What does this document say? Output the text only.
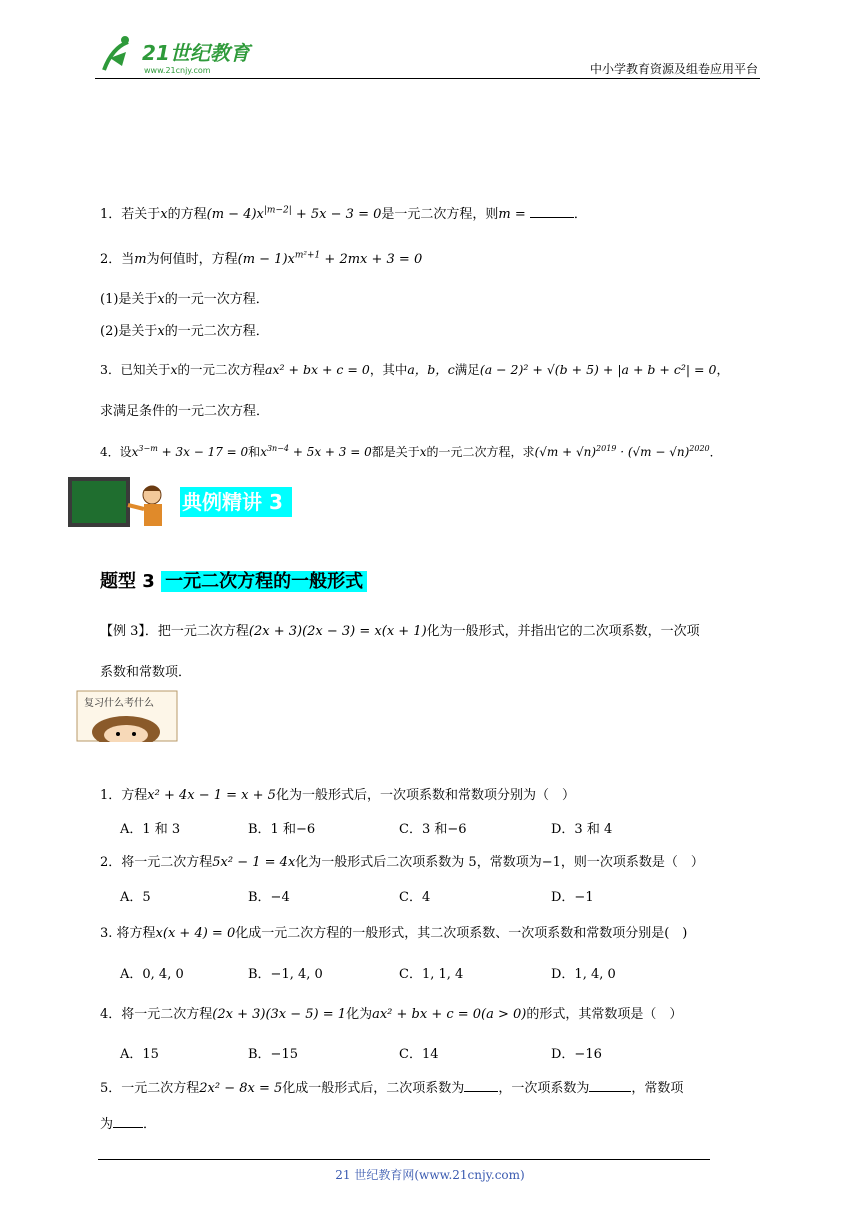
21世纪教育
www.21cnjy.com	中小学教育资源及组卷应用平台
1．若关于x的方程$(m - 4)x^{|m-2|} + 5x - 3 = 0$是一元二次方程，则m =	．
2．当m为何值时，方程$(m - 1)x^{m^2+1} + 2mx + 3 = 0$
(1)是关于x的一元一次方程．
(2)是关于x的一元二次方程．
3．已知关于x的一元二次方程ax² + bx + c = 0，其中a，b，c满足(a − 2)² + √(b + 5) + |a + b + c²| = 0，
求满足条件的一元二次方程．
4．设$x^{3-m} + 3x - 17 = 0$和$x^{3n-4} + 5x + 3 = 0$都是关于x的一元二次方程，求$(√m + √n)^{2019} \cdot (√m - √n)^{2020}$．
典例精讲 3
题型 3 一元二次方程的一般形式
【例 3】．把一元二次方程(2x + 3)(2x − 3) = x(x + 1)化为一般形式，并指出它的二次项系数，一次项
系数和常数项．
复习什么考什么
1．方程x² + 4x − 1 = x + 5化为一般形式后，一次项系数和常数项分别为（　）
A．1 和 3	B．1 和−6	C．3 和−6	D．3 和 4
2．将一元二次方程5x² − 1 = 4x化为一般形式后二次项系数为 5，常数项为−1，则一次项系数是（　）
A．5	B．−4	C．4	D．−1
3. 将方程x(x + 4) = 0化成一元二次方程的一般形式，其二次项系数、一次项系数和常数项分别是(　)
A．0, 4, 0	B．−1, 4, 0	C．1, 1, 4	D．1, 4, 0
4．将一元二次方程(2x + 3)(3x − 5) = 1化为ax² + bx + c = 0(a > 0)的形式，其常数项是（　）
A．15	B．−15	C．14	D．−16
5．一元二次方程2x² − 8x = 5化成一般形式后，二次项系数为	，一次项系数为	，常数项
为 ．
21 世纪教育网(www.21cnjy.com)
